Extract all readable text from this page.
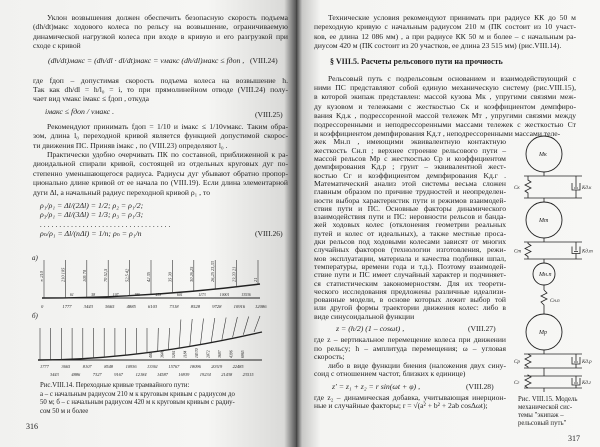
Уклон возвышения должен обеспечить безопасную скорость подъема
(dh/dt)макс ходового колеса по рельсу на возвышение, ограничиваемую
динамической нагрузкой колеса при входе в кривую и его разгрузкой при
сходе с кривой
(dh/dt)макс = (dh/dl · dl/dt)макс = vмакс (dh/dl)макс ≤ fдоп , (VIII.24)
где fдоп – допустимая скорость подъема колеса на возвышение h.
Так как dh/dl = h/l₀ = i, то при прямолинейном отводе (VIII.24) полу-
чает вид vмакс iмакс ≤ fдоп , откуда
iмакс ≤ fдоп / vмакс .	(VIII.25)
Рекомендуют принимать fдоп = 1/10 и iмакс ≤ 1/10vмакс. Таким обра-
зом, длина l₀ переходной кривой является функцией допустимой скорос-
ти движения ПС. Приняв iмакс , по (VIII.23) определяют l₀ .
Практически удобно очерчивать ПК по составной, приближенной к ра-
диоидальной спирали кривой, состоящей из отдельных круговых дуг по-
степенно уменьшающегося радиуса. Радиусы дуг убывают обратно пропор-
ционально длине кривой от ее начала по (VIII.19). Если длина элементарной
дуги Δl, а начальный радиус переходной кривой ρ₁ , то
ρ₁/ρ₁ = Δl/(2Δl) = 1/2; ρ₂ = ρ₁/2;
ρ₃/ρ₁ = Δl/(3Δl) = 1/3; ρ₃ = ρ₁/3;
. . . . . . . . . . . . . . . . . . . . . . . . . . . . . . . . . .
ρₙ/ρ₁ = Δl/(nΔl) = 1/n; ρₙ = ρ₁/n	(VIII.26)
Рис.VIII.14. Переходные кривые трамвайного пути:
а – с начальным радиусом 210 м к круговым кривым с радиусом до
50 м; б – с начальным радиусом 420 м к круговым кривым с радиу-
сом 50 м и более
а)
0
∞ 210
1777
210 105
3443
105 70
5665
70 52,5
4885
52,5 42
6103
42 35
7318
35 30
8528
30 26,25
9728
26,25 23,33
10916
23,33 21
12086
21
61	58	107	185	253	601	1173	10001	13536
б)
1777	3665	8107	8548	10936 13361 15767 18096 20319 22485
3443	4886	7327	9167	12184 14587 16939 19234 21438 23515
401 3640 5261 1184 10570 2072 3687 4396 6965
316
Технические условия рекомендуют принимать при радиусе КК до 50 м
переходную кривую с начальным радиусом 210 м (ПК состоит из 10 участ-
ков, ее длина 12 086 мм) , а при радиусе КК 50 м и более – с начальным ра-
диусом 420 м (ПК состоит из 20 участков, ее длина 23 515 мм) (рис.VIII.14).
§ VIII.5. Расчеты рельсового пути на прочность
Рельсовый путь с подрельсовым основанием и взаимодействующий с
ними ПС представляют собой единую механическую систему (рис.VIII.15),
в которой экипаж представлен: массой кузова Mк , упругими связями меж-
ду кузовом и тележками с жесткостью Cк и коэффициентом демпфиро-
вания Kд.к , подрессоренной массой тележек Mт , упругими связями между
подрессоренными и неподрессоренными массами тележек с жесткостью Cт
и коэффициентом демпфирования Kд.т , неподрессоренными массами теле-
жек Mн.п , имеющими эквивалентную контактную
жесткость Cн.п ; верхнее строение рельсового пути –
массой рельсов Mр с жесткостью Cр и коэффициентом
демпфирования Kд.р ; грунт – эквивалентной жест-
костью Cг и коэффициентом демпфирования Kд.г .
Математический анализ этой системы весьма сложен
главным образом по причине трудностей и неопределен-
ности выбора характеристик пути и режимов взаимодей-
ствия пути и ПС. Основные факторы динамического
взаимодействия пути и ПС: неровности рельсов и банда-
жей ходовых колес (отклонения геометрии реальных
путей и колес от идеальных), а также местные проса-
дки рельсов под ходовыми колесами зависят от многих
случайных факторов (технологии изготовления, режи-
мов эксплуатации, материала и качества подбивки шпал,
температуры, времени года и т.д.). Поэтому взаимодей-
ствие пути и ПС имеет случайный характер и подчиняет-
ся статистическим закономерностям. Для их теорети-
ческого исследования предложены различные идеализи-
рованные модели, в основе которых лежит выбор той
или другой формы траектории движения колес: либо в
виде синусоидальной функции
z = (h/2) (1 – cosωt) ,	(VIII.27)
где z – вертикальное перемещение колеса при движении
по рельсу; h – амплитуда перемещения; ω – угловая
скорость;
либо в виде функции биения (наложения двух сину-
соид с отношением частот, близких к единице)
z′ = z₁ + z₂ = r sin(ωt + φ) ,	(VIII.28)
где z₂ – динамическая добавка, учитывающая инерцион-
ные и случайные факторы; r = √(a² + b² + 2ab cosΔωt);
Рис. VIII.15. Модель
механической сис-
темы "экипаж –
рельсовый путь"
Mк
Mт
Mн.п
Mр
Cк	Kд.к
Cт	Kд.т
Cн.п
Cр	Kд.р
Cг	Kд.г
317
